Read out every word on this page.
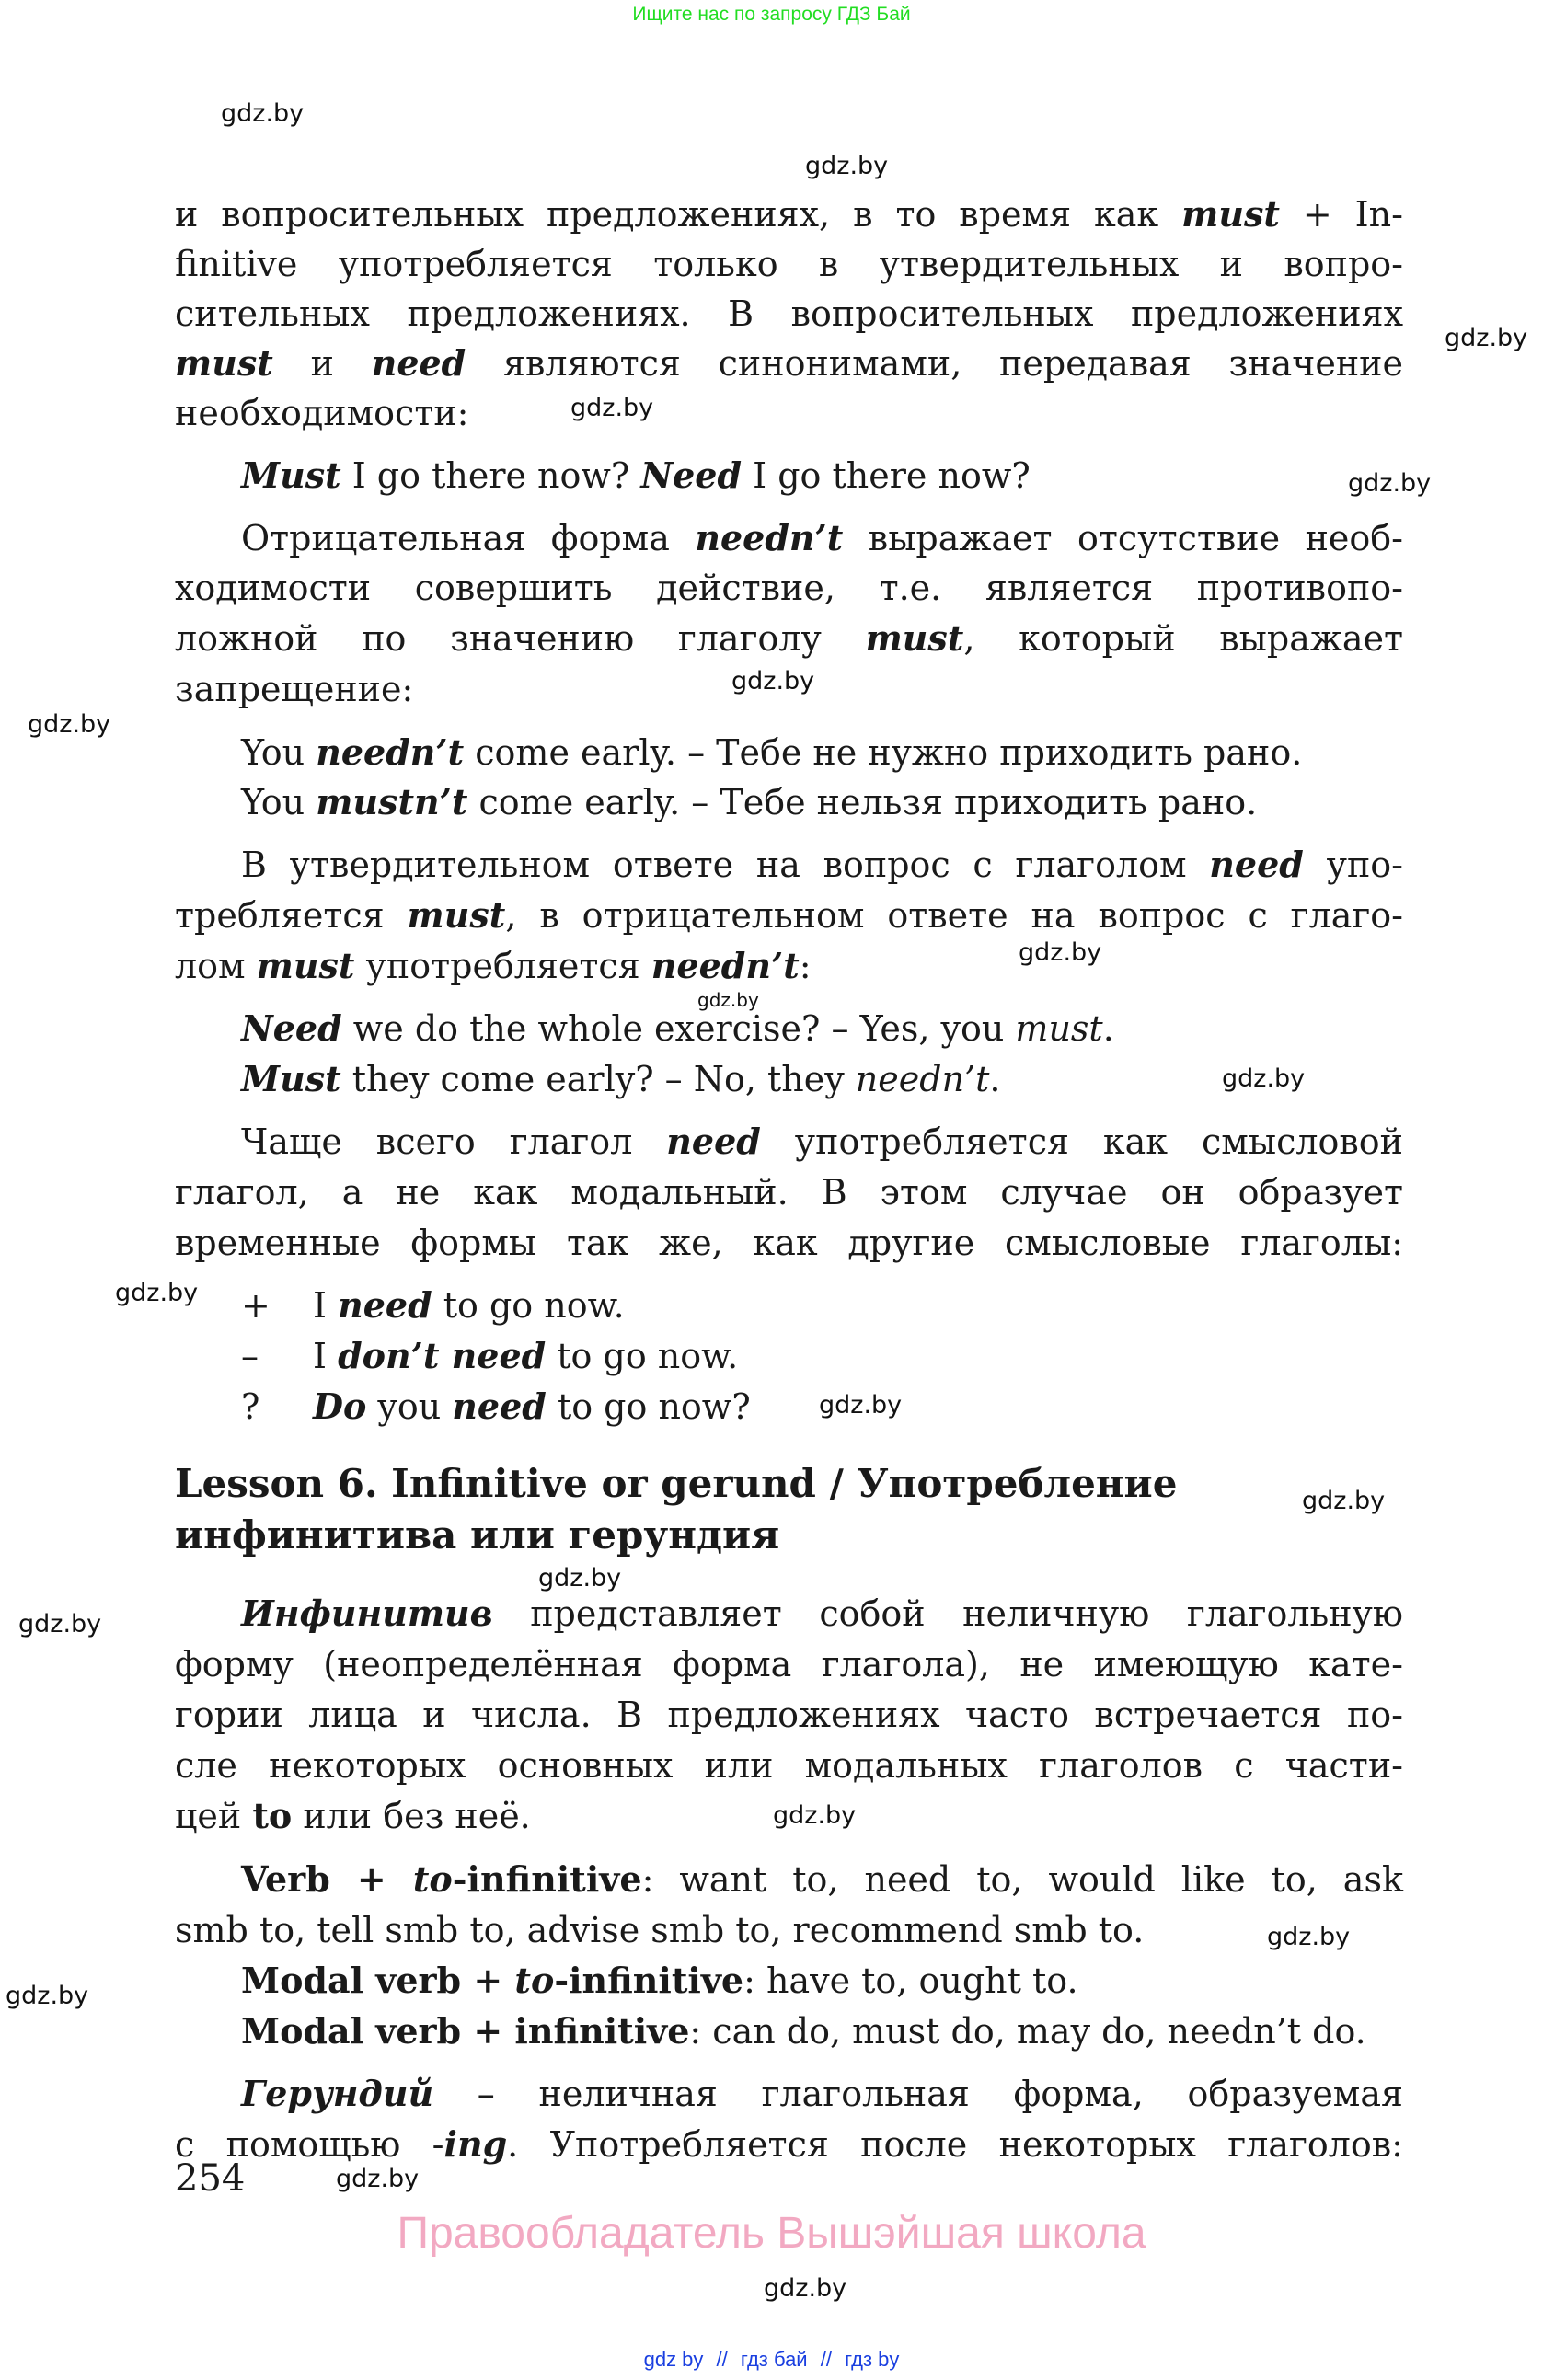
Ищите нас по запросу ГДЗ Бай
gdz.by
gdz.by
gdz.by
gdz.by
gdz.by
gdz.by
gdz.by
gdz.by
gdz.by
gdz.by
gdz.by
gdz.by
gdz.by
gdz.by
gdz.by
gdz.by
gdz.by
gdz.by
gdz.by
gdz.by
и вопросительных предложениях, в то время как must + In-
finitive употребляется только в утвердительных и вопро-
сительных предложениях. В вопросительных предложениях
must и need являются синонимами, передавая значение
необходимости:
Must I go there now? Need I go there now?
Отрицательная форма needn’t выражает отсутствие необ-
ходимости совершить действие, т.е. является противопо-
ложной по значению глаголу must, который выражает
запрещение:
You needn’t come early. – Тебе не нужно приходить рано.
You mustn’t come early. – Тебе нельзя приходить рано.
В утвердительном ответе на вопрос с глаголом need упо-
требляется must, в отрицательном ответе на вопрос с глаго-
лом must употребляется needn’t:
Need we do the whole exercise? – Yes, you must.
Must they come early? – No, they needn’t.
Чаще всего глагол need употребляется как смысловой
глагол, а не как модальный. В этом случае он образует
временные формы так же, как другие смысловые глаголы:
+ I need to go now.
– I don’t need to go now.
? Do you need to go now?
Lesson 6. Infinitive or gerund / Употребление
инфинитива или герундия
Инфинитив представляет собой неличную глагольную
форму (неопределённая форма глагола), не имеющую кате-
гории лица и числа. В предложениях часто встречается по-
сле некоторых основных или модальных глаголов с части-
цей to или без неё.
Verb + to-infinitive: want to, need to, would like to, ask
smb to, tell smb to, advise smb to, recommend smb to.
Modal verb + to-infinitive: have to, ought to.
Modal verb + infinitive: can do, must do, may do, needn’t do.
Герундий – неличная глагольная форма, образуемая
с помощью -ing. Употребляется после некоторых глаголов:
254
Правообладатель Вышэйшая школа
gdz by // гдз бай // гдз by
